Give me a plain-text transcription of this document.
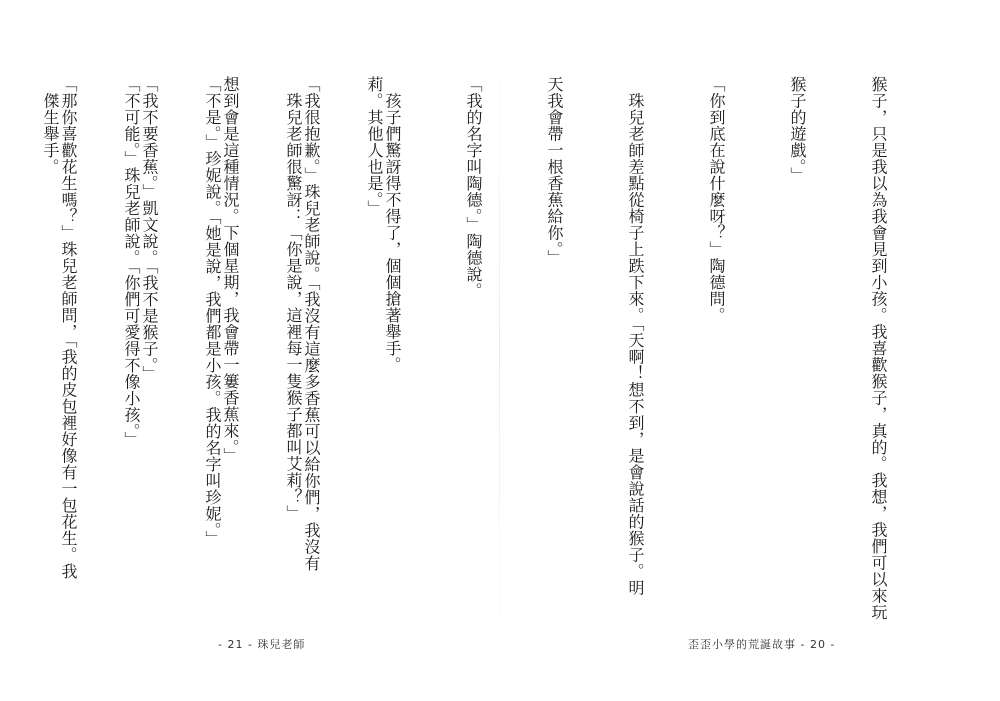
莉。其他人也是。」

　珠兒老師很驚訝：「你是說，這裡每一隻猴子都叫艾莉？」

「不是。」珍妮說。「她是說，我們都是小孩。我的名字叫珍妮。」

「不可能。」珠兒老師說。「你們可愛得不像小孩。」

　傑生舉手。

- 21 - 珠兒老師

猴子，只是我以為我會見到小孩。我喜歡猴子，真的。我想，我們可以來玩

猴子的遊戲。」

「你到底在說什麼呀？」陶德問。

　珠兒老師差點從椅子上跌下來。「天啊！想不到，是會說話的猴子。明

天我會帶一根香蕉給你。」

「我的名字叫陶德。」陶德說。

　孩子們驚訝得不得了，個個搶著舉手。

「我很抱歉。」珠兒老師說。「我沒有這麼多香蕉可以給你們，我沒有

想到會是這種情況。下個星期，我會帶一簍香蕉來。」

「我不要香蕉。」凱文說。「我不是猴子。」

「那你喜歡花生嗎？」珠兒老師問，「我的皮包裡好像有一包花生。我

歪歪小學的荒誕故事 - 20 -
